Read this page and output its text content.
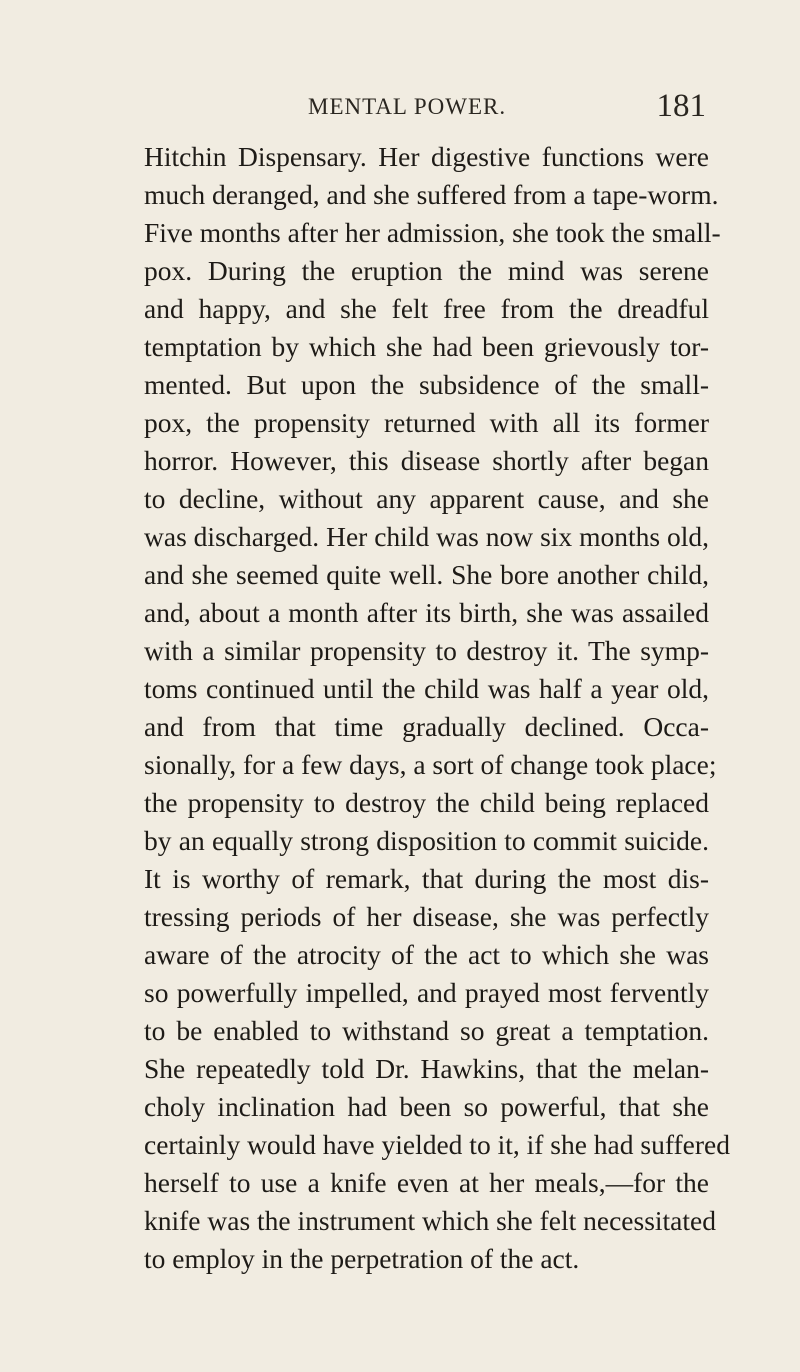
MENTAL POWER.	181
Hitchin Dispensary. Her digestive functions were
much deranged, and she suffered from a tape-worm.
Five months after her admission, she took the small-
pox. During the eruption the mind was serene
and happy, and she felt free from the dreadful
temptation by which she had been grievously tor-
mented. But upon the subsidence of the small-
pox, the propensity returned with all its former
horror. However, this disease shortly after began
to decline, without any apparent cause, and she
was discharged. Her child was now six months old,
and she seemed quite well. She bore another child,
and, about a month after its birth, she was assailed
with a similar propensity to destroy it. The symp-
toms continued until the child was half a year old,
and from that time gradually declined. Occa-
sionally, for a few days, a sort of change took place;
the propensity to destroy the child being replaced
by an equally strong disposition to commit suicide.
It is worthy of remark, that during the most dis-
tressing periods of her disease, she was perfectly
aware of the atrocity of the act to which she was
so powerfully impelled, and prayed most fervently
to be enabled to withstand so great a temptation.
She repeatedly told Dr. Hawkins, that the melan-
choly inclination had been so powerful, that she
certainly would have yielded to it, if she had suffered
herself to use a knife even at her meals,—for the
knife was the instrument which she felt necessitated
to employ in the perpetration of the act.
